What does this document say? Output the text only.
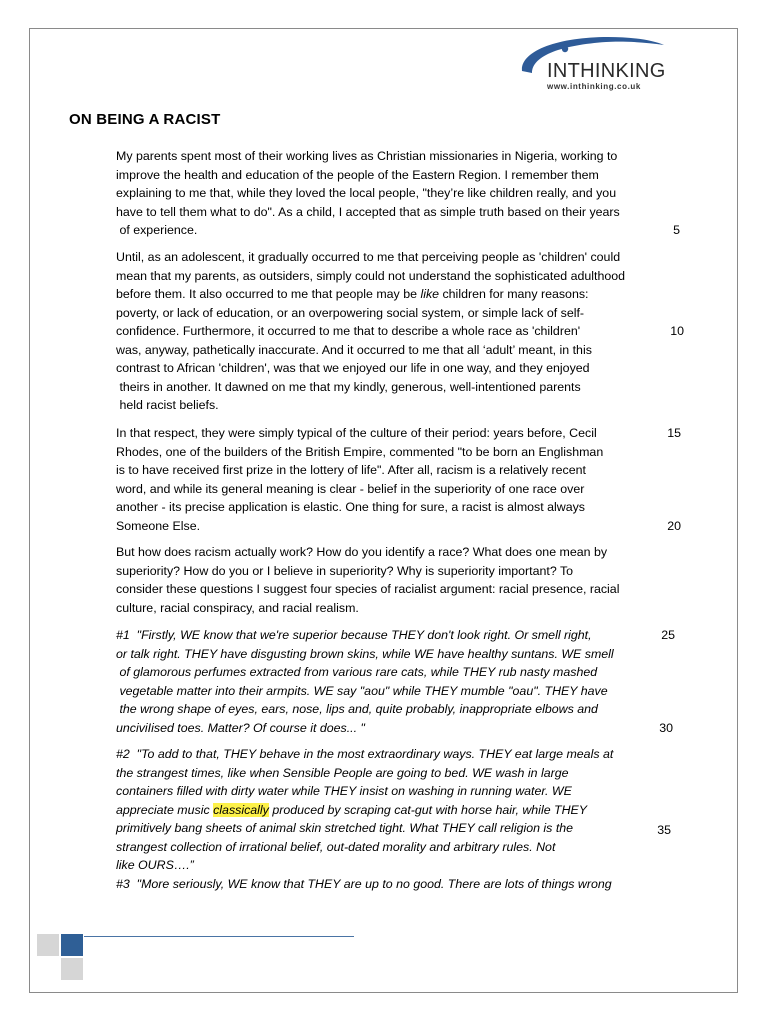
INTHINKING
www.inthinking.co.uk
ON BEING A RACIST
My parents spent most of their working lives as Christian missionaries in Nigeria, working to
improve the health and education of the people of the Eastern Region. I remember them
explaining to me that, while they loved the local people, "they’re like children really, and you
have to tell them what to do". As a child, I accepted that as simple truth based on their years
of experience.
Until, as an adolescent, it gradually occurred to me that perceiving people as 'children' could
mean that my parents, as outsiders, simply could not understand the sophisticated adulthood
before them. It also occurred to me that people may be like children for many reasons:
poverty, or lack of education, or an overpowering social system, or simple lack of self-
confidence. Furthermore, it occurred to me that to describe a whole race as 'children'
was, anyway, pathetically inaccurate. And it occurred to me that all ‘adult’ meant, in this
contrast to African 'children', was that we enjoyed our life in one way, and they enjoyed
theirs in another. It dawned on me that my kindly, generous, well-intentioned parents
held racist beliefs.
In that respect, they were simply typical of the culture of their period: years before, Cecil
Rhodes, one of the builders of the British Empire, commented "to be born an Englishman
is to have received first prize in the lottery of life". After all, racism is a relatively recent
word, and while its general meaning is clear - belief in the superiority of one race over
another - its precise application is elastic. One thing for sure, a racist is almost always
Someone Else.
But how does racism actually work? How do you identify a race? What does one mean by
superiority? How do you or I believe in superiority? Why is superiority important? To
consider these questions I suggest four species of racialist argument: racial presence, racial
culture, racial conspiracy, and racial realism.
#1  "Firstly, WE know that we're superior because THEY don't look right. Or smell right,
or talk right. THEY have disgusting brown skins, while WE have healthy suntans. WE smell
of glamorous perfumes extracted from various rare cats, while THEY rub nasty mashed
vegetable matter into their armpits. WE say "aou" while THEY mumble "oau". THEY have
the wrong shape of eyes, ears, nose, lips and, quite probably, inappropriate elbows and
unciviIised toes. Matter? Of course it does... "
#2  "To add to that, THEY behave in the most extraordinary ways. THEY eat large meals at
the strangest times, like when Sensible People are going to bed. WE wash in large
containers filled with dirty water while THEY insist on washing in running water. WE
appreciate music classically produced by scraping cat-gut with horse hair, while THEY
primitively bang sheets of animal skin stretched tight. What THEY call religion is the
strangest collection of irrational belief, out-dated morality and arbitrary rules. Not
like OURS….”
#3  "More seriously, WE know that THEY are up to no good. There are lots of things wrong
5
10
15
20
25
30
35
